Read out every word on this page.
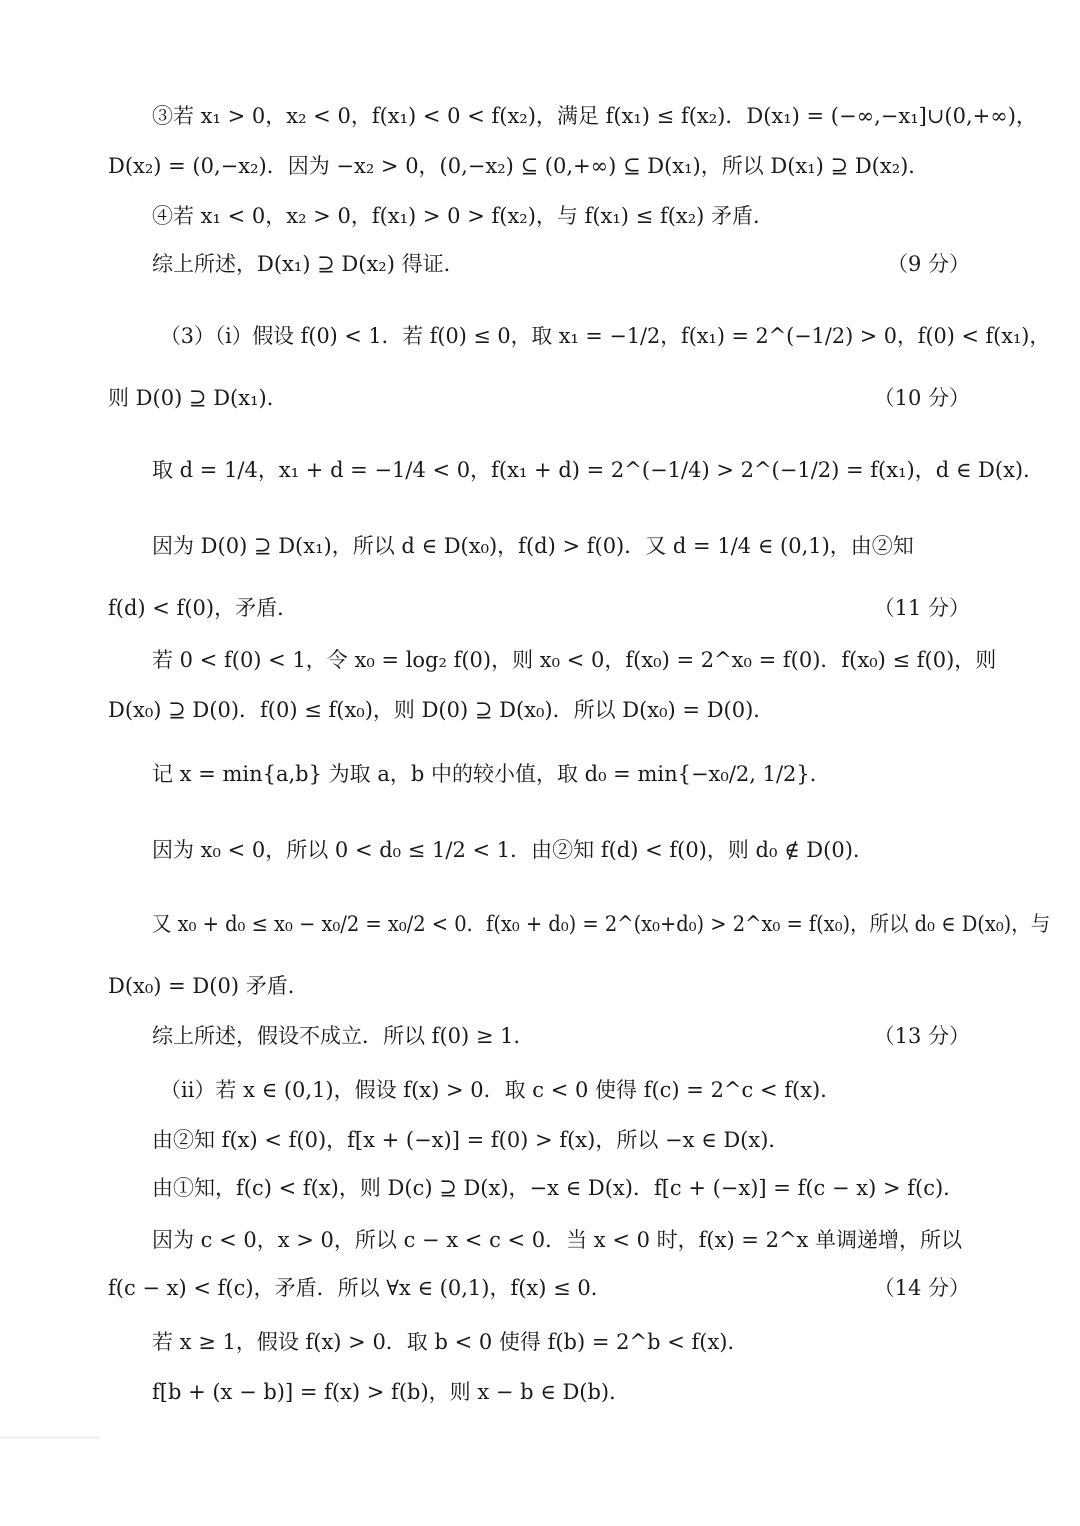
③若 x₁ > 0，x₂ < 0，f(x₁) < 0 < f(x₂)，满足 f(x₁) ≤ f(x₂)．D(x₁) = (−∞,−x₁]∪(0,+∞)，
D(x₂) = (0,−x₂)．因为 −x₂ > 0，(0,−x₂) ⊆ (0,+∞) ⊆ D(x₁)，所以 D(x₁) ⊇ D(x₂)．
④若 x₁ < 0，x₂ > 0，f(x₁) > 0 > f(x₂)，与 f(x₁) ≤ f(x₂) 矛盾．
综上所述，D(x₁) ⊇ D(x₂) 得证．	（9 分）
（3）（ⅰ）假设 f(0) < 1．若 f(0) ≤ 0，取 x₁ = −1/2，f(x₁) = 2^(−1/2) > 0，f(0) < f(x₁)，
则 D(0) ⊇ D(x₁)．	（10 分）
取 d = 1/4，x₁ + d = −1/4 < 0，f(x₁ + d) = 2^(−1/4) > 2^(−1/2) = f(x₁)，d ∈ D(x)．
因为 D(0) ⊇ D(x₁)，所以 d ∈ D(x₀)，f(d) > f(0)．又 d = 1/4 ∈ (0,1)，由②知
f(d) < f(0)，矛盾．	（11 分）
若 0 < f(0) < 1，令 x₀ = log₂ f(0)，则 x₀ < 0，f(x₀) = 2^x₀ = f(0)．f(x₀) ≤ f(0)，则
D(x₀) ⊇ D(0)．f(0) ≤ f(x₀)，则 D(0) ⊇ D(x₀)．所以 D(x₀) = D(0)．
记 x = min{a,b} 为取 a，b 中的较小值，取 d₀ = min{−x₀/2, 1/2}．
因为 x₀ < 0，所以 0 < d₀ ≤ 1/2 < 1．由②知 f(d) < f(0)，则 d₀ ∉ D(0)．
又 x₀ + d₀ ≤ x₀ − x₀/2 = x₀/2 < 0．f(x₀ + d₀) = 2^(x₀+d₀) > 2^x₀ = f(x₀)，所以 d₀ ∈ D(x₀)，与
D(x₀) = D(0) 矛盾．
综上所述，假设不成立．所以 f(0) ≥ 1．	（13 分）
（ⅱ）若 x ∈ (0,1)，假设 f(x) > 0．取 c < 0 使得 f(c) = 2^c < f(x)．
由②知 f(x) < f(0)，f[x + (−x)] = f(0) > f(x)，所以 −x ∈ D(x)．
由①知，f(c) < f(x)，则 D(c) ⊇ D(x)，−x ∈ D(x)．f[c + (−x)] = f(c − x) > f(c)．
因为 c < 0，x > 0，所以 c − x < c < 0．当 x < 0 时，f(x) = 2^x 单调递增，所以
f(c − x) < f(c)，矛盾．所以 ∀x ∈ (0,1)，f(x) ≤ 0．	（14 分）
若 x ≥ 1，假设 f(x) > 0．取 b < 0 使得 f(b) = 2^b < f(x)．
f[b + (x − b)] = f(x) > f(b)，则 x − b ∈ D(b)．
